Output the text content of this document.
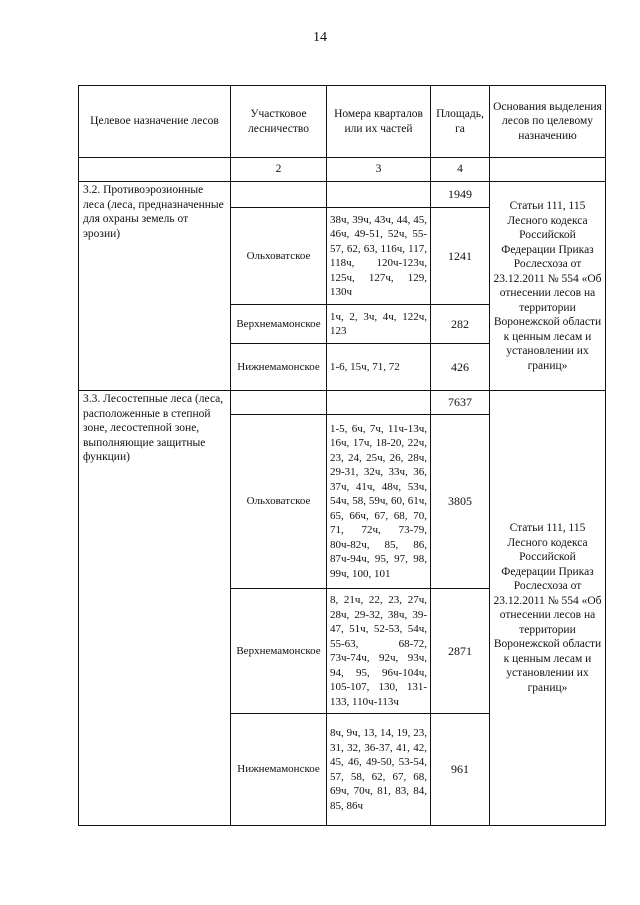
14
Целевое назначение лесов	Участковое лесничество	Номера кварталов или их частей	Площадь, га	Основания выделения лесов по целевому назначению
	2	3	4	
3.2. Противоэрозионные леса (леса, предназначенные для охраны земель от эрозии)			1949	Статьи 111, 115 Лесного кодекса Российской Федерации Приказ Рослесхоза от 23.12.2011 № 554 «Об отнесении лесов на территории Воронежской области к ценным лесам и установлении их границ»
	Ольховатское	38ч, 39ч, 43ч, 44, 45, 46ч, 49-51, 52ч, 55-57, 62, 63, 116ч, 117, 118ч, 120ч-123ч, 125ч, 127ч, 129, 130ч	1241	
	Верхнемамонское	1ч, 2, 3ч, 4ч, 122ч, 123	282	
	Нижнемамонское	1-6, 15ч, 71, 72	426	
3.3. Лесостепные леса (леса, расположенные в степной зоне, лесостепной зоне, выполняющие защитные функции)			7637	Статьи 111, 115 Лесного кодекса Российской Федерации Приказ Рослесхоза от 23.12.2011 № 554 «Об отнесении лесов на территории Воронежской области к ценным лесам и установлении их границ»
	Ольховатское	1-5, 6ч, 7ч, 11ч-13ч, 16ч, 17ч, 18-20, 22ч, 23, 24, 25ч, 26, 28ч, 29-31, 32ч, 33ч, 36, 37ч, 41ч, 48ч, 53ч, 54ч, 58, 59ч, 60, 61ч, 65, 66ч, 67, 68, 70, 71, 72ч, 73-79, 80ч-82ч, 85, 86, 87ч-94ч, 95, 97, 98, 99ч, 100, 101	3805	
	Верхнемамонское	8, 21ч, 22, 23, 27ч, 28ч, 29-32, 38ч, 39-47, 51ч, 52-53, 54ч, 55-63, 68-72, 73ч-74ч, 92ч, 93ч, 94, 95, 96ч-104ч, 105-107, 130, 131-133, 110ч-113ч	2871	
	Нижнемамонское	8ч, 9ч, 13, 14, 19, 23, 31, 32, 36-37, 41, 42, 45, 46, 49-50, 53-54, 57, 58, 62, 67, 68, 69ч, 70ч, 81, 83, 84, 85, 86ч	961	
